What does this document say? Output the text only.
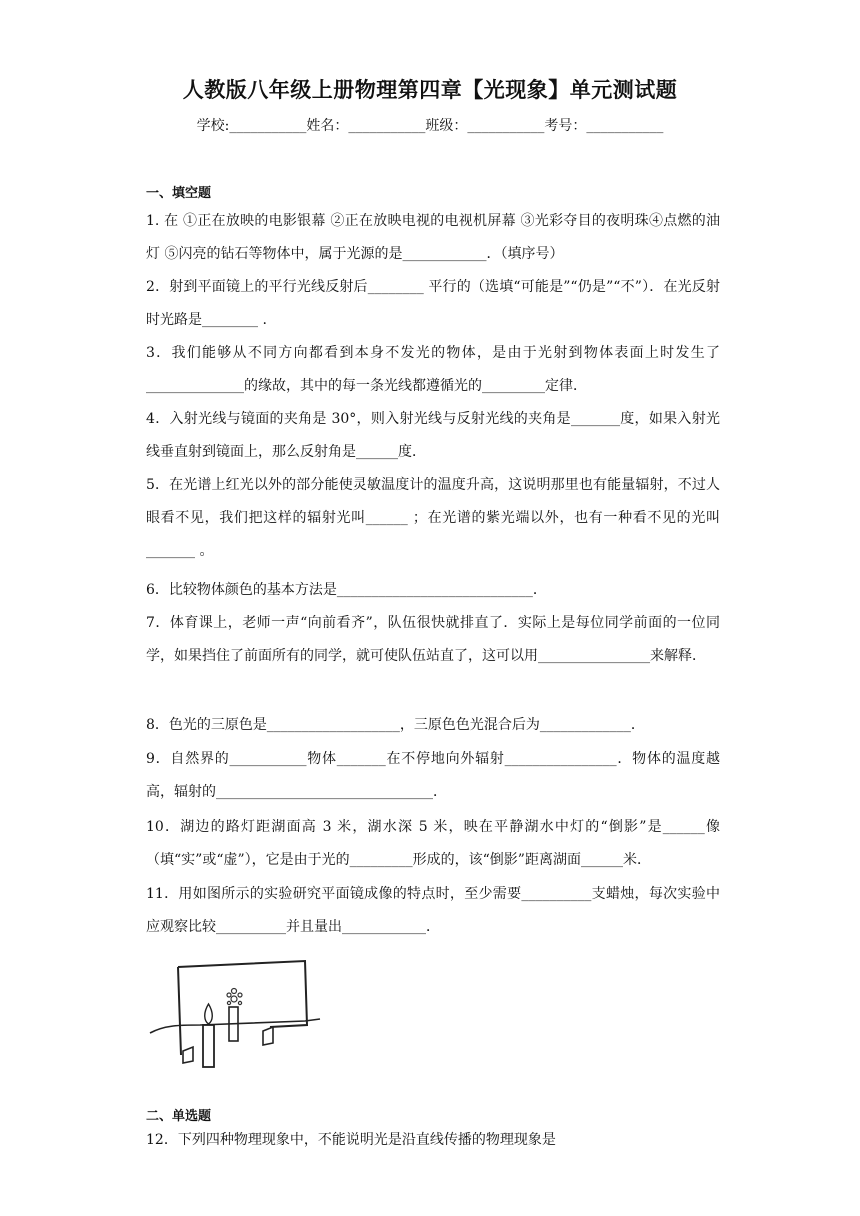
人教版八年级上册物理第四章【光现象】单元测试题
学校:___________姓名：___________班级：___________考号：___________
一、填空题
1. 在 ①正在放映的电影银幕 ②正在放映电视的电视机屏幕 ③光彩夺目的夜明珠④点燃的油灯 ⑤闪亮的钻石等物体中，属于光源的是____________．（填序号）
2．射到平面镜上的平行光线反射后________ 平行的（选填“可能是”“仍是”“不”）．在光反射时光路是________ .
3．我们能够从不同方向都看到本身不发光的物体，是由于光射到物体表面上时发生了______________的缘故，其中的每一条光线都遵循光的_________定律．
4．入射光线与镜面的夹角是 30°，则入射光线与反射光线的夹角是_______度，如果入射光线垂直射到镜面上，那么反射角是______度．
5．在光谱上红光以外的部分能使灵敏温度计的温度升高，这说明那里也有能量辐射，不过人眼看不见，我们把这样的辐射光叫______ ；在光谱的紫光端以外，也有一种看不见的光叫_______ 。
6．比较物体颜色的基本方法是____________________________．
7．体育课上，老师一声“向前看齐”，队伍很快就排直了．实际上是每位同学前面的一位同学，如果挡住了前面所有的同学，就可使队伍站直了，这可以用________________来解释．
8．色光的三原色是___________________，三原色色光混合后为_____________．
9．自然界的___________物体_______在不停地向外辐射________________．物体的温度越高，辐射的_______________________________．
10．湖边的路灯距湖面高 3 米，湖水深 5 米，映在平静湖水中灯的“倒影”是______像（填“实”或“虚”），它是由于光的_________形成的，该“倒影”距离湖面______米．
11．用如图所示的实验研究平面镜成像的特点时，至少需要__________支蜡烛，每次实验中应观察比较__________并且量出____________．
二、单选题
12．下列四种物理现象中，不能说明光是沿直线传播的物理现象是
